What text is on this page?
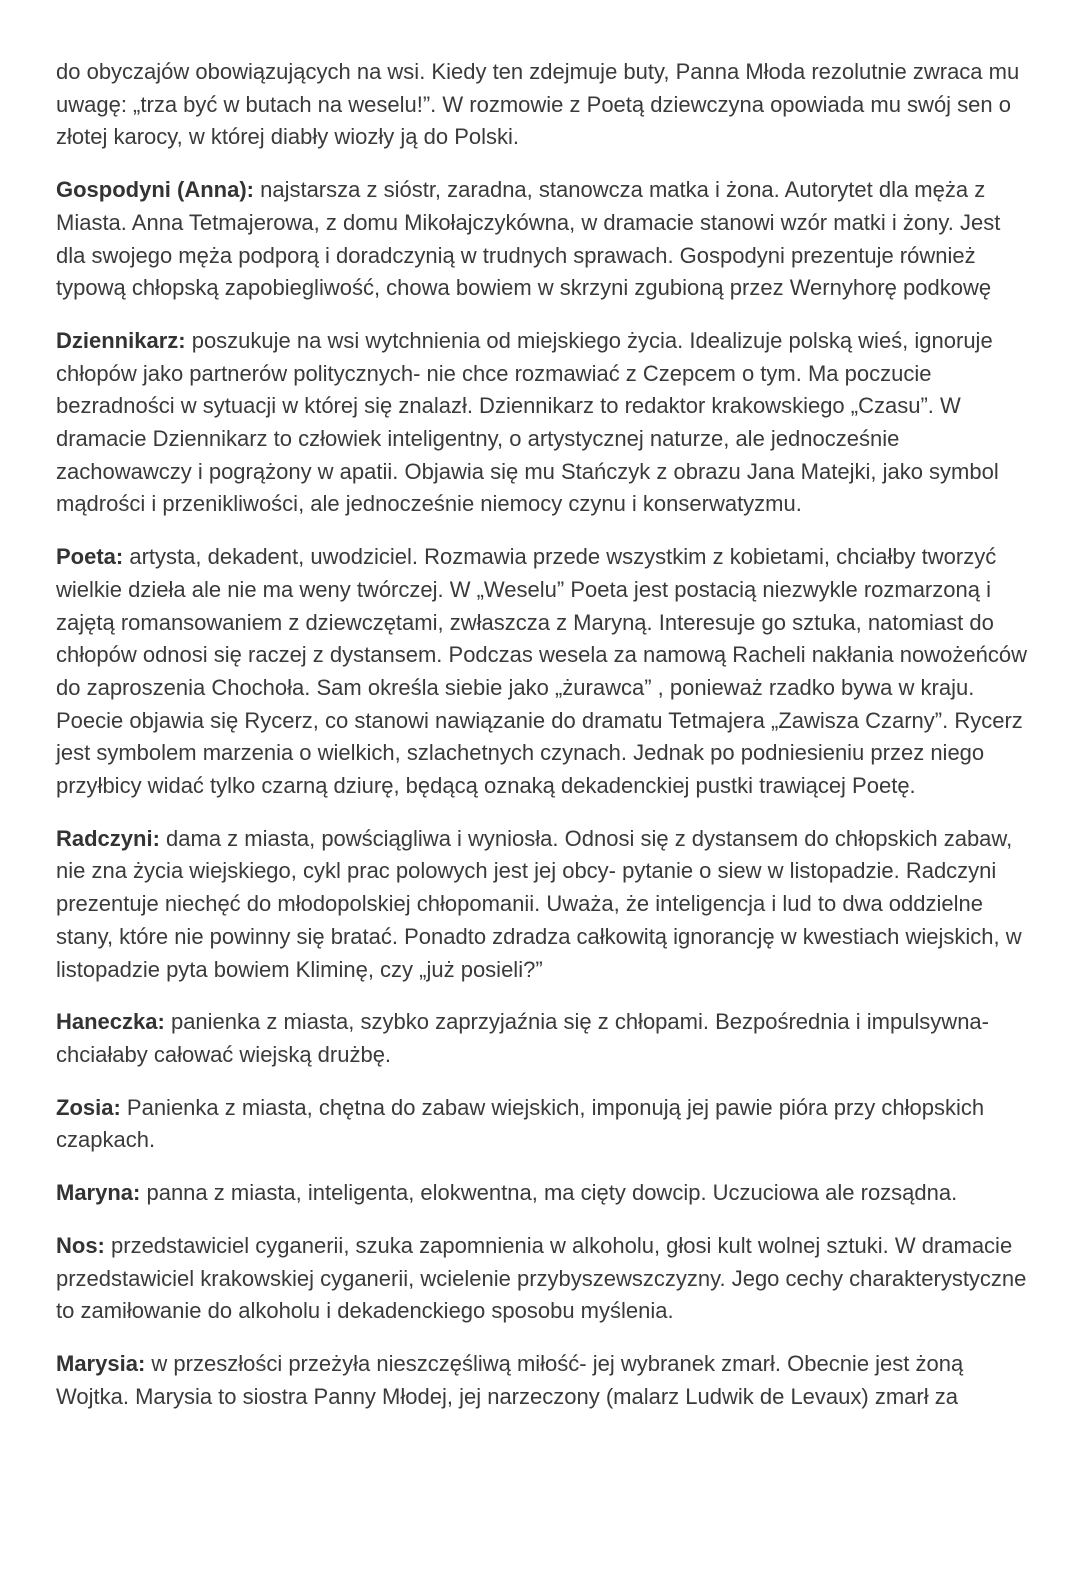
do obyczajów obowiązujących na wsi. Kiedy ten zdejmuje buty, Panna Młoda rezolutnie zwraca mu uwagę: „trza być w butach na weselu!”. W rozmowie z Poetą dziewczyna opowiada mu swój sen o złotej karocy, w której diabły wiozły ją do Polski.

Gospodyni (Anna): najstarsza z sióstr, zaradna, stanowcza matka i żona. Autorytet dla męża z Miasta. Anna Tetmajerowa, z domu Mikołajczykówna, w dramacie stanowi wzór matki i żony. Jest dla swojego męża podporą i doradczynią w trudnych sprawach. Gospodyni prezentuje również typową chłopską zapobiegliwość, chowa bowiem w skrzyni zgubioną przez Wernyhorę podkowę

Dziennikarz: poszukuje na wsi wytchnienia od miejskiego życia. Idealizuje polską wieś, ignoruje chłopów jako partnerów politycznych- nie chce rozmawiać z Czepcem o tym. Ma poczucie bezradności w sytuacji w której się znalazł. Dziennikarz to redaktor krakowskiego „Czasu”. W dramacie Dziennikarz to człowiek inteligentny, o artystycznej naturze, ale jednocześnie zachowawczy i pogrążony w apatii. Objawia się mu Stańczyk z obrazu Jana Matejki, jako symbol mądrości i przenikliwości, ale jednocześnie niemocy czynu i konserwatyzmu.

Poeta: artysta, dekadent, uwodziciel. Rozmawia przede wszystkim z kobietami, chciałby tworzyć wielkie dzieła ale nie ma weny twórczej. W „Weselu” Poeta jest postacią niezwykle rozmarzoną i zajętą romansowaniem z dziewczętami, zwłaszcza z Maryną. Interesuje go sztuka, natomiast do chłopów odnosi się raczej z dystansem. Podczas wesela za namową Racheli nakłania nowożeńców do zaproszenia Chochoła. Sam określa siebie jako „żurawca” , ponieważ rzadko bywa w kraju. Poecie objawia się Rycerz, co stanowi nawiązanie do dramatu Tetmajera „Zawisza Czarny”. Rycerz jest symbolem marzenia o wielkich, szlachetnych czynach. Jednak po podniesieniu przez niego przyłbicy widać tylko czarną dziurę, będącą oznaką dekadenckiej pustki trawiącej Poetę.

Radczyni: dama z miasta, powściągliwa i wyniosła. Odnosi się z dystansem do chłopskich zabaw, nie zna życia wiejskiego, cykl prac polowych jest jej obcy- pytanie o siew w listopadzie. Radczyni prezentuje niechęć do młodopolskiej chłopomanii. Uważa, że inteligencja i lud to dwa oddzielne stany, które nie powinny się bratać. Ponadto zdradza całkowitą ignorancję w kwestiach wiejskich, w listopadzie pyta bowiem Kliminę, czy „już posieli?”

Haneczka: panienka z miasta, szybko zaprzyjaźnia się z chłopami. Bezpośrednia i impulsywna- chciałaby całować wiejską drużbę.

Zosia: Panienka z miasta, chętna do zabaw wiejskich, imponują jej pawie pióra przy chłopskich czapkach.

Maryna: panna z miasta, inteligenta, elokwentna, ma cięty dowcip. Uczuciowa ale rozsądna.

Nos: przedstawiciel cyganerii, szuka zapomnienia w alkoholu, głosi kult wolnej sztuki. W dramacie przedstawiciel krakowskiej cyganerii, wcielenie przybyszewszczyzny. Jego cechy charakterystyczne to zamiłowanie do alkoholu i dekadenckiego sposobu myślenia.

Marysia: w przeszłości przeżyła nieszczęśliwą miłość- jej wybranek zmarł. Obecnie jest żoną Wojtka. Marysia to siostra Panny Młodej, jej narzeczony (malarz Ludwik de Levaux) zmarł za
